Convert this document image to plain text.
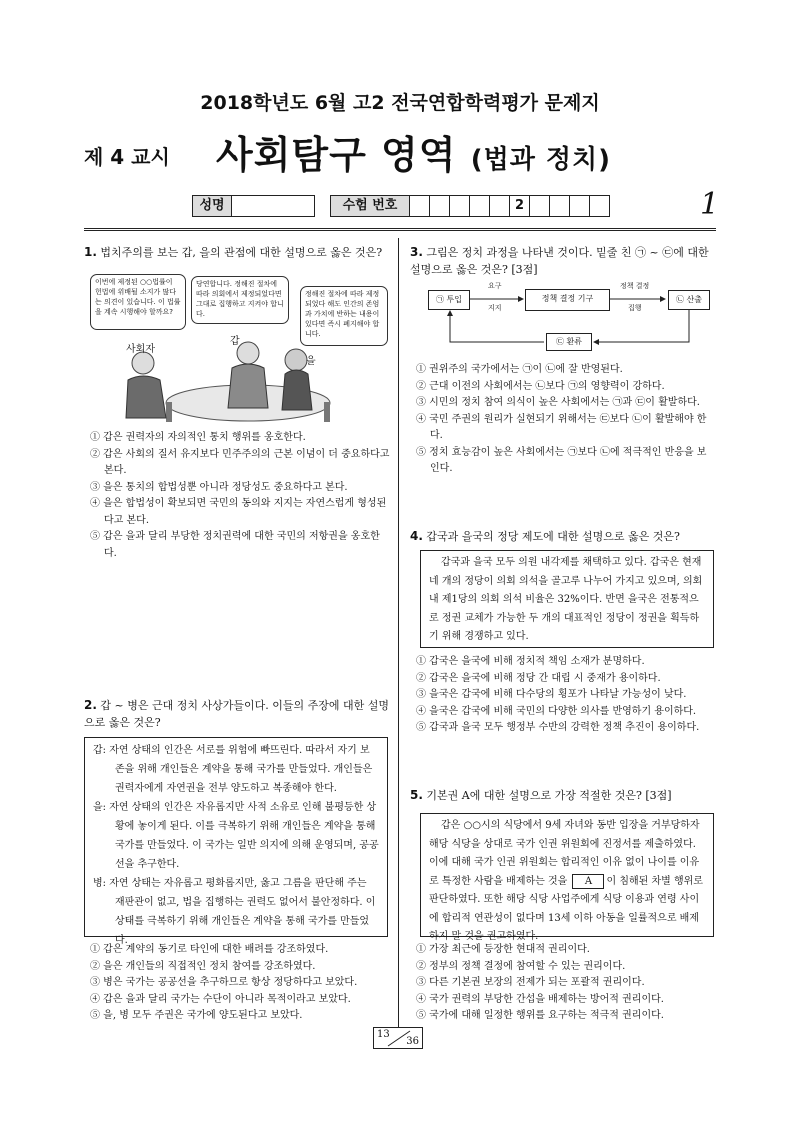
2018학년도 6월 고2 전국연합학력평가 문제지
제 4 교시 사회탐구 영역 (법과 정치)
1
성명	수험 번호	2
1. 법치주의를 보는 갑, 을의 관점에 대한 설명으로 옳은 것은?
이번에 제정된 ○○법률이 헌법에 위배될 소지가 많다는 의견이 있습니다. 이 법률을 계속 시행해야 할까요?
당연합니다. 정해진 절차에 따라 의회에서 제정되었다면 그대로 집행하고 지켜야 합니다.
정해진 절차에 따라 제정되었다 해도 인간의 존엄과 가치에 반하는 내용이 있다면 즉시 폐지해야 합니다.
사회자
갑
을
① 갑은 권력자의 자의적인 통치 행위를 옹호한다.
② 갑은 사회의 질서 유지보다 민주주의의 근본 이념이 더 중요하다고 본다.
③ 을은 통치의 합법성뿐 아니라 정당성도 중요하다고 본다.
④ 을은 합법성이 확보되면 국민의 동의와 지지는 자연스럽게 형성된다고 본다.
⑤ 갑은 을과 달리 부당한 정치권력에 대한 국민의 저항권을 옹호한다.
2. 갑 ~ 병은 근대 정치 사상가들이다. 이들의 주장에 대한 설명으로 옳은 것은?
갑: 자연 상태의 인간은 서로를 위험에 빠뜨린다. 따라서 자기 보존을 위해 개인들은 계약을 통해 국가를 만들었다. 개인들은 권력자에게 자연권을 전부 양도하고 복종해야 한다.
을: 자연 상태의 인간은 자유롭지만 사적 소유로 인해 불평등한 상황에 놓이게 된다. 이를 극복하기 위해 개인들은 계약을 통해 국가를 만들었다. 이 국가는 일반 의지에 의해 운영되며, 공공선을 추구한다.
병: 자연 상태는 자유롭고 평화롭지만, 옳고 그름을 판단해 주는 재판관이 없고, 법을 집행하는 권력도 없어서 불안정하다. 이 상태를 극복하기 위해 개인들은 계약을 통해 국가를 만들었다.
① 갑은 계약의 동기로 타인에 대한 배려를 강조하였다.
② 을은 개인들의 직접적인 정치 참여를 강조하였다.
③ 병은 국가는 공공선을 추구하므로 항상 정당하다고 보았다.
④ 갑은 을과 달리 국가는 수단이 아니라 목적이라고 보았다.
⑤ 을, 병 모두 주권은 국가에 양도된다고 보았다.
3. 그림은 정치 과정을 나타낸 것이다. 밑줄 친 ㉠ ~ ㉢에 대한 설명으로 옳은 것은? [3점]
㉠ 투입	정책 결정 기구	㉡ 산출
㉢ 환류
요구
지지
정책 결정
집행
① 권위주의 국가에서는 ㉠이 ㉡에 잘 반영된다.
② 근대 이전의 사회에서는 ㉡보다 ㉠의 영향력이 강하다.
③ 시민의 정치 참여 의식이 높은 사회에서는 ㉠과 ㉢이 활발하다.
④ 국민 주권의 원리가 실현되기 위해서는 ㉢보다 ㉡이 활발해야 한다.
⑤ 정치 효능감이 높은 사회에서는 ㉠보다 ㉡에 적극적인 반응을 보인다.
4. 갑국과 을국의 정당 제도에 대한 설명으로 옳은 것은?
갑국과 을국 모두 의원 내각제를 채택하고 있다. 갑국은 현재 네 개의 정당이 의회 의석을 골고루 나누어 가지고 있으며, 의회 내 제1당의 의회 의석 비율은 32%이다. 반면 을국은 전통적으로 정권 교체가 가능한 두 개의 대표적인 정당이 정권을 획득하기 위해 경쟁하고 있다.
① 갑국은 을국에 비해 정치적 책임 소재가 분명하다.
② 갑국은 을국에 비해 정당 간 대립 시 중재가 용이하다.
③ 을국은 갑국에 비해 다수당의 횡포가 나타날 가능성이 낮다.
④ 을국은 갑국에 비해 국민의 다양한 의사를 반영하기 용이하다.
⑤ 갑국과 을국 모두 행정부 수반의 강력한 정책 추진이 용이하다.
5. 기본권 A에 대한 설명으로 가장 적절한 것은? [3점]
갑은 ○○시의 식당에서 9세 자녀와 동반 입장을 거부당하자 해당 식당을 상대로 국가 인권 위원회에 진정서를 제출하였다. 이에 대해 국가 인권 위원회는 합리적인 이유 없이 나이를 이유로 특정한 사람을 배제하는 것을 A 이 침해된 차별 행위로 판단하였다. 또한 해당 식당 사업주에게 식당 이용과 연령 사이에 합리적 연관성이 없다며 13세 이하 아동을 일률적으로 배제하지 말 것을 권고하였다.
① 가장 최근에 등장한 현대적 권리이다.
② 정부의 정책 결정에 참여할 수 있는 권리이다.
③ 다른 기본권 보장의 전제가 되는 포괄적 권리이다.
④ 국가 권력의 부당한 간섭을 배제하는 방어적 권리이다.
⑤ 국가에 대해 일정한 행위를 요구하는 적극적 권리이다.
13
36
